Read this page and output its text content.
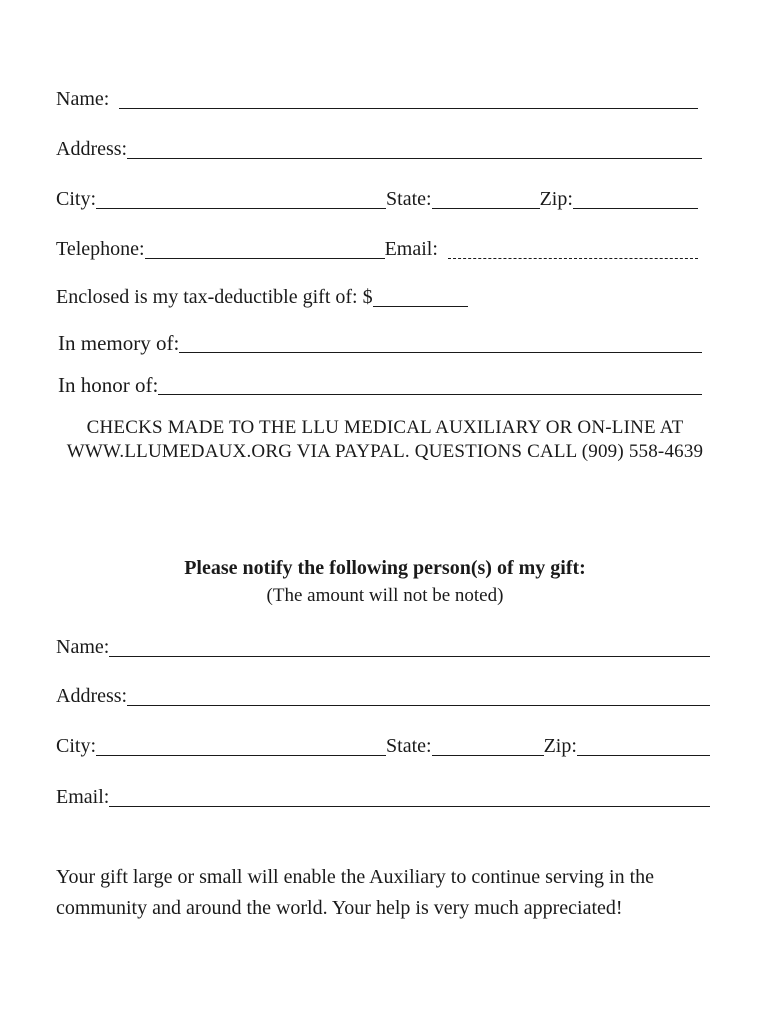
Name:
Address:
City:	State:	Zip:
Telephone:	Email:
Enclosed is my tax-deductible gift of: $
In memory of:
In honor of:
CHECKS MADE TO THE LLU MEDICAL AUXILIARY OR ON-LINE AT
WWW.LLUMEDAUX.ORG VIA PAYPAL. QUESTIONS CALL (909) 558-4639
Please notify the following person(s) of my gift:
(The amount will not be noted)
Name:
Address:
City:	State:	Zip:
Email:
Your gift large or small will enable the Auxiliary to continue serving in the
community and around the world. Your help is very much appreciated!
